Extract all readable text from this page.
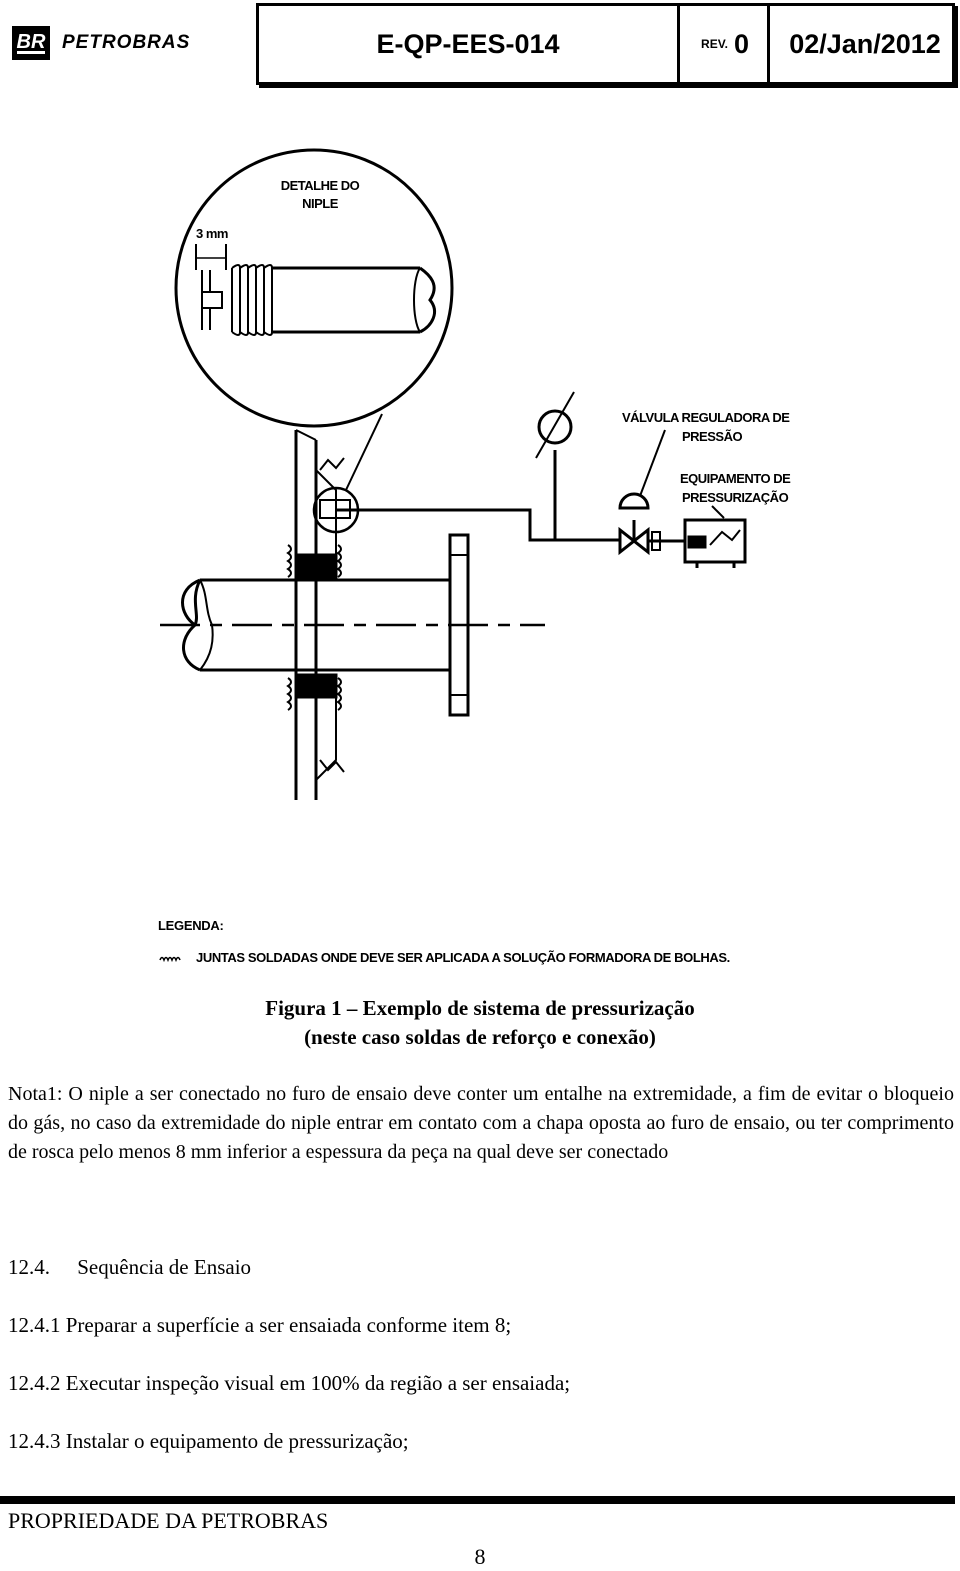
BR PETROBRAS	E-QP-EES-014	REV. 0	02/Jan/2012
DETALHE DO
NIPLE
3 mm
VÁLVULA REGULADORA DE
PRESSÃO
EQUIPAMENTO DE
PRESSURIZAÇÃO
LEGENDA:
JUNTAS SOLDADAS ONDE DEVE SER APLICADA A SOLUÇÃO FORMADORA DE BOLHAS.
Figura 1 – Exemplo de sistema de pressurização
(neste caso soldas de reforço e conexão)
Nota1: O niple a ser conectado no furo de ensaio deve conter um entalhe na extremidade, a fim de evitar o bloqueio do gás, no caso da extremidade do niple entrar em contato com a chapa oposta ao furo de ensaio, ou ter comprimento de rosca pelo menos 8 mm inferior a espessura da peça na qual deve ser conectado
12.4. Sequência de Ensaio
12.4.1 Preparar a superfície a ser ensaiada conforme item 8;
12.4.2 Executar inspeção visual em 100% da região a ser ensaiada;
12.4.3 Instalar o equipamento de pressurização;
PROPRIEDADE DA PETROBRAS
8
